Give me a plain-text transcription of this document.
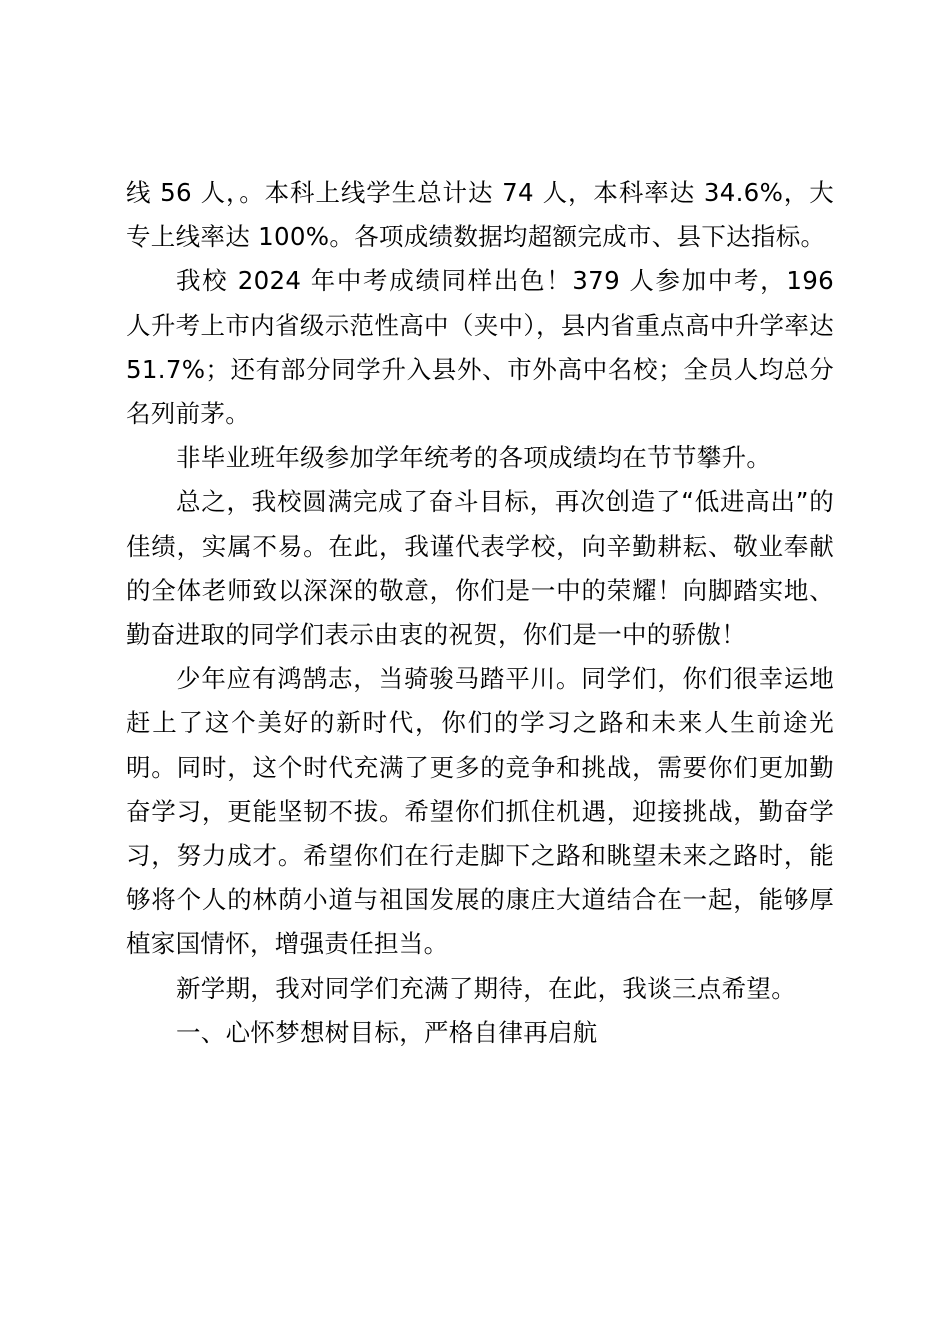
线 56 人，。本科上线学生总计达 74 人，本科率达 34.6%，大专上线率达 100%。各项成绩数据均超额完成市、县下达指标。

我校 2024 年中考成绩同样出色！379 人参加中考，196 人升考上市内省级示范性高中（夹中），县内省重点高中升学率达 51.7%；还有部分同学升入县外、市外高中名校；全员人均总分名列前茅。

非毕业班年级参加学年统考的各项成绩均在节节攀升。

总之，我校圆满完成了奋斗目标，再次创造了“低进高出”的佳绩，实属不易。在此，我谨代表学校，向辛勤耕耘、敬业奉献的全体老师致以深深的敬意，你们是一中的荣耀！向脚踏实地、勤奋进取的同学们表示由衷的祝贺，你们是一中的骄傲！

少年应有鸿鹄志，当骑骏马踏平川。同学们，你们很幸运地赶上了这个美好的新时代，你们的学习之路和未来人生前途光明。同时，这个时代充满了更多的竞争和挑战，需要你们更加勤奋学习，更能坚韧不拔。希望你们抓住机遇，迎接挑战，勤奋学习，努力成才。希望你们在行走脚下之路和眺望未来之路时，能够将个人的林荫小道与祖国发展的康庄大道结合在一起，能够厚植家国情怀，增强责任担当。

新学期，我对同学们充满了期待，在此，我谈三点希望。

一、心怀梦想树目标，严格自律再启航
